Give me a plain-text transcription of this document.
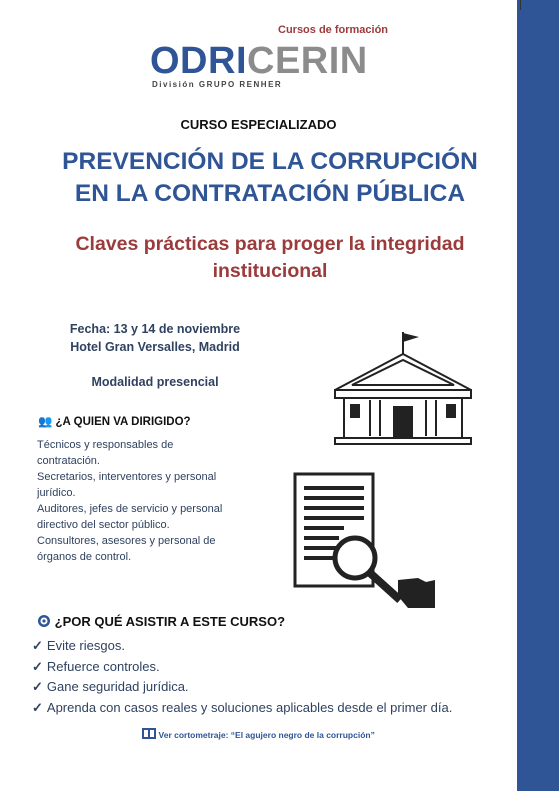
Cursos de formación
ODRICERIN
División GRUPO RENHER
CURSO ESPECIALIZADO
PREVENCIÓN DE LA CORRUPCIÓN
EN LA CONTRATACIÓN PÚBLICA
Claves prácticas para proger la integridad
institucional
Fecha: 13 y 14 de noviembre
Hotel Gran Versalles, Madrid
Modalidad presencial
👥 ¿A QUIEN VA DIRIGIDO?
Técnicos y responsables de
contratación.
Secretarios, interventores y personal
jurídico.
Auditores, jefes de servicio y personal
directivo del sector público.
Consultores, asesores y personal de
órganos de control.
¿POR QUÉ ASISTIR A ESTE CURSO?
✓ Evite riesgos.
✓ Refuerce controles.
✓ Gane seguridad jurídica.
✓ Aprenda con casos reales y soluciones aplicables desde el primer día.
Ver cortometraje: “El agujero negro de la corrupción”
